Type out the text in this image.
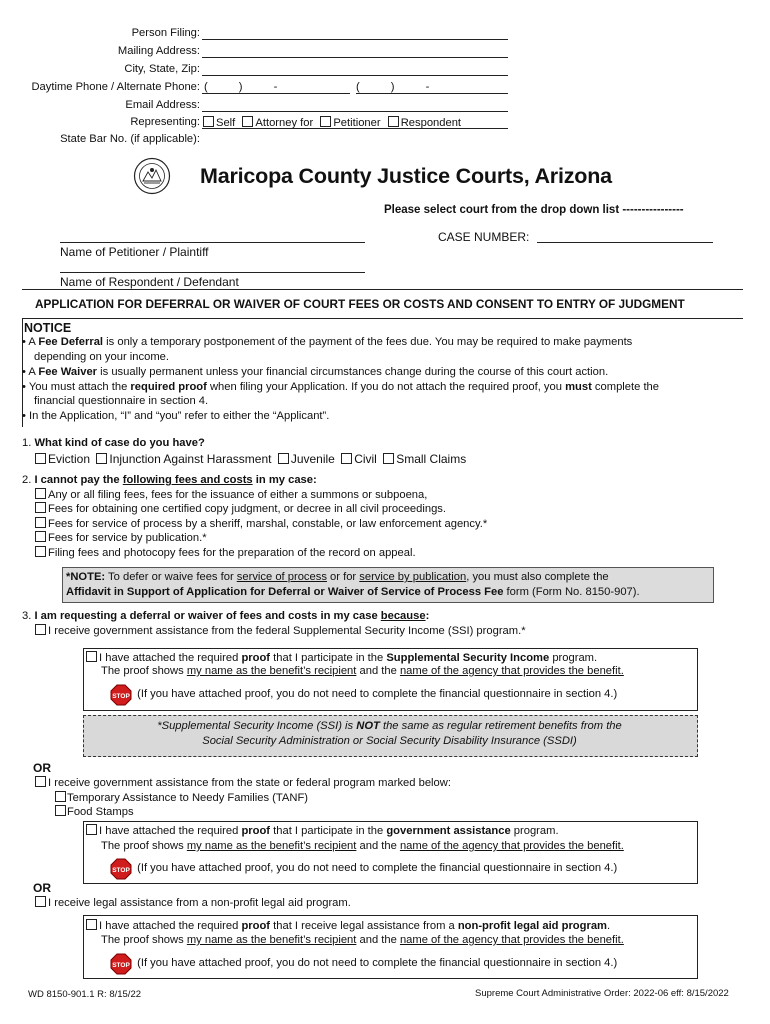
Person Filing:
Mailing Address:
City, State, Zip:
Daytime Phone / Alternate Phone: (          )          -	(          )          -
Email Address:
Representing:	Self Attorney for Petitioner Respondent
State Bar No. (if applicable):
Maricopa County Justice Courts, Arizona
Please select court from the drop down list ----------------
CASE NUMBER:
Name of Petitioner / Plaintiff
Name of Respondent / Defendant
APPLICATION FOR DEFERRAL OR WAIVER OF COURT FEES OR COSTS AND CONSENT TO ENTRY OF JUDGMENT
NOTICE
• A Fee Deferral is only a temporary postponement of the payment of the fees due. You may be required to make payments
depending on your income.
• A Fee Waiver is usually permanent unless your financial circumstances change during the course of this court action.
• You must attach the required proof when filing your Application. If you do not attach the required proof, you must complete the
financial questionnaire in section 4.
• In the Application, “I” and “you” refer to either the “Applicant”.
1. What kind of case do you have?
Eviction Injunction Against Harassment Juvenile Civil Small Claims
2. I cannot pay the following fees and costs in my case:
Any or all filing fees, fees for the issuance of either a summons or subpoena,
Fees for obtaining one certified copy judgment, or decree in all civil proceedings.
Fees for service of process by a sheriff, marshal, constable, or law enforcement agency.*
Fees for service by publication.*
Filing fees and photocopy fees for the preparation of the record on appeal.
*NOTE: To defer or waive fees for service of process or for service by publication, you must also complete the
Affidavit in Support of Application for Deferral or Waiver of Service of Process Fee form (Form No. 8150-907).
3. I am requesting a deferral or waiver of fees and costs in my case because:
I receive government assistance from the federal Supplemental Security Income (SSI) program.*
I have attached the required proof that I participate in the Supplemental Security Income program.
The proof shows my name as the benefit’s recipient and the name of the agency that provides the benefit.
STOP (If you have attached proof, you do not need to complete the financial questionnaire in section 4.)
*Supplemental Security Income (SSI) is NOT the same as regular retirement benefits from the
Social Security Administration or Social Security Disability Insurance (SSDI)
OR
I receive government assistance from the state or federal program marked below:
Temporary Assistance to Needy Families (TANF)
Food Stamps
I have attached the required proof that I participate in the government assistance program.
The proof shows my name as the benefit’s recipient and the name of the agency that provides the benefit.
STOP (If you have attached proof, you do not need to complete the financial questionnaire in section 4.)
OR
I receive legal assistance from a non-profit legal aid program.
I have attached the required proof that I receive legal assistance from a non-profit legal aid program.
The proof shows my name as the benefit’s recipient and the name of the agency that provides the benefit.
STOP (If you have attached proof, you do not need to complete the financial questionnaire in section 4.)
WD 8150-901.1 R: 8/15/22	Supreme Court Administrative Order: 2022-06 eff: 8/15/2022
